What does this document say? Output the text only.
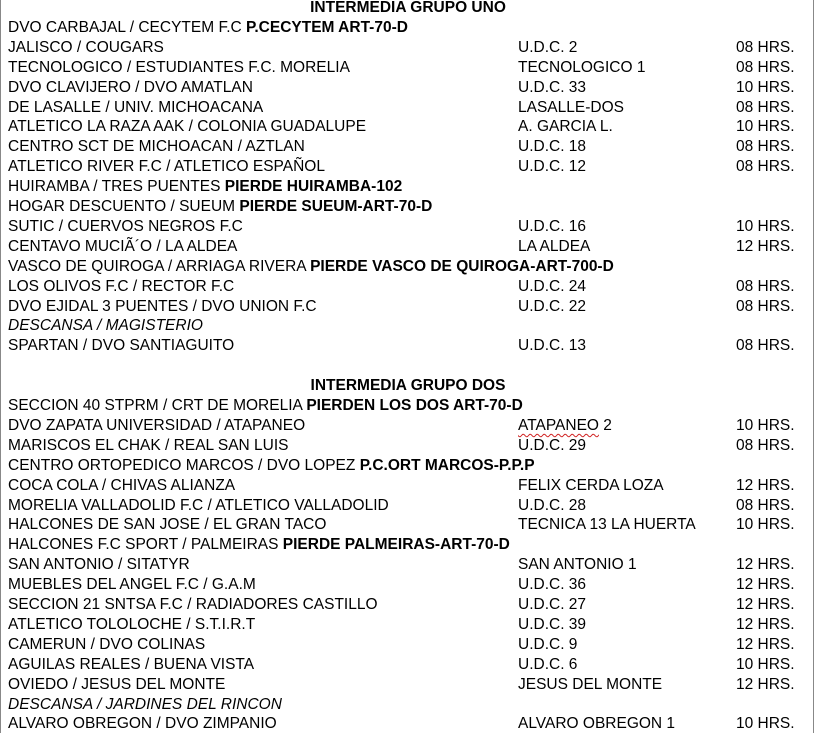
INTERMEDIA GRUPO UNO
DVO CARBAJAL / CECYTEM F.C P.CECYTEM ART-70-D
JALISCO / COUGARS	U.D.C. 2	08 HRS.
TECNOLOGICO / ESTUDIANTES F.C. MORELIA	TECNOLOGICO 1	08 HRS.
DVO CLAVIJERO / DVO AMATLAN	U.D.C. 33	10 HRS.
DE LASALLE / UNIV. MICHOACANA	LASALLE-DOS	08 HRS.
ATLETICO LA RAZA AAK / COLONIA GUADALUPE	A. GARCIA L.	10 HRS.
CENTRO SCT DE MICHOACAN / AZTLAN	U.D.C. 18	08 HRS.
ATLETICO RIVER F.C / ATLETICO ESPAÑOL	U.D.C. 12	08 HRS.
HUIRAMBA / TRES PUENTES PIERDE HUIRAMBA-102
HOGAR DESCUENTO / SUEUM PIERDE SUEUM-ART-70-D
SUTIC / CUERVOS NEGROS F.C	U.D.C. 16	10 HRS.
CENTAVO MUCIÃ´O / LA ALDEA	LA ALDEA	12 HRS.
VASCO DE QUIROGA / ARRIAGA RIVERA PIERDE VASCO DE QUIROGA-ART-700-D
LOS OLIVOS F.C / RECTOR F.C	U.D.C. 24	08 HRS.
DVO EJIDAL 3 PUENTES / DVO UNION F.C	U.D.C. 22	08 HRS.
DESCANSA / MAGISTERIO
SPARTAN / DVO SANTIAGUITO	U.D.C. 13	08 HRS.
INTERMEDIA GRUPO DOS
SECCION 40 STPRM / CRT DE MORELIA PIERDEN LOS DOS ART-70-D
DVO ZAPATA UNIVERSIDAD / ATAPANEO	ATAPANEO 2	10 HRS.
MARISCOS EL CHAK / REAL SAN LUIS	U.D.C. 29	08 HRS.
CENTRO ORTOPEDICO MARCOS / DVO LOPEZ P.C.ORT MARCOS-P.P.P
COCA COLA / CHIVAS ALIANZA	FELIX CERDA LOZA	12 HRS.
MORELIA VALLADOLID F.C / ATLETICO VALLADOLID	U.D.C. 28	08 HRS.
HALCONES DE SAN JOSE / EL GRAN TACO	TECNICA 13 LA HUERTA	10 HRS.
HALCONES F.C SPORT / PALMEIRAS PIERDE PALMEIRAS-ART-70-D
SAN ANTONIO / SITATYR	SAN ANTONIO 1	12 HRS.
MUEBLES DEL ANGEL F.C / G.A.M	U.D.C. 36	12 HRS.
SECCION 21 SNTSA F.C / RADIADORES CASTILLO	U.D.C. 27	12 HRS.
ATLETICO TOLOLOCHE / S.T.I.R.T	U.D.C. 39	12 HRS.
CAMERUN / DVO COLINAS	U.D.C. 9	12 HRS.
AGUILAS REALES / BUENA VISTA	U.D.C. 6	10 HRS.
OVIEDO / JESUS DEL MONTE	JESUS DEL MONTE	12 HRS.
DESCANSA / JARDINES DEL RINCON
ALVARO OBREGON / DVO ZIMPANIO	ALVARO OBREGON 1	10 HRS.
